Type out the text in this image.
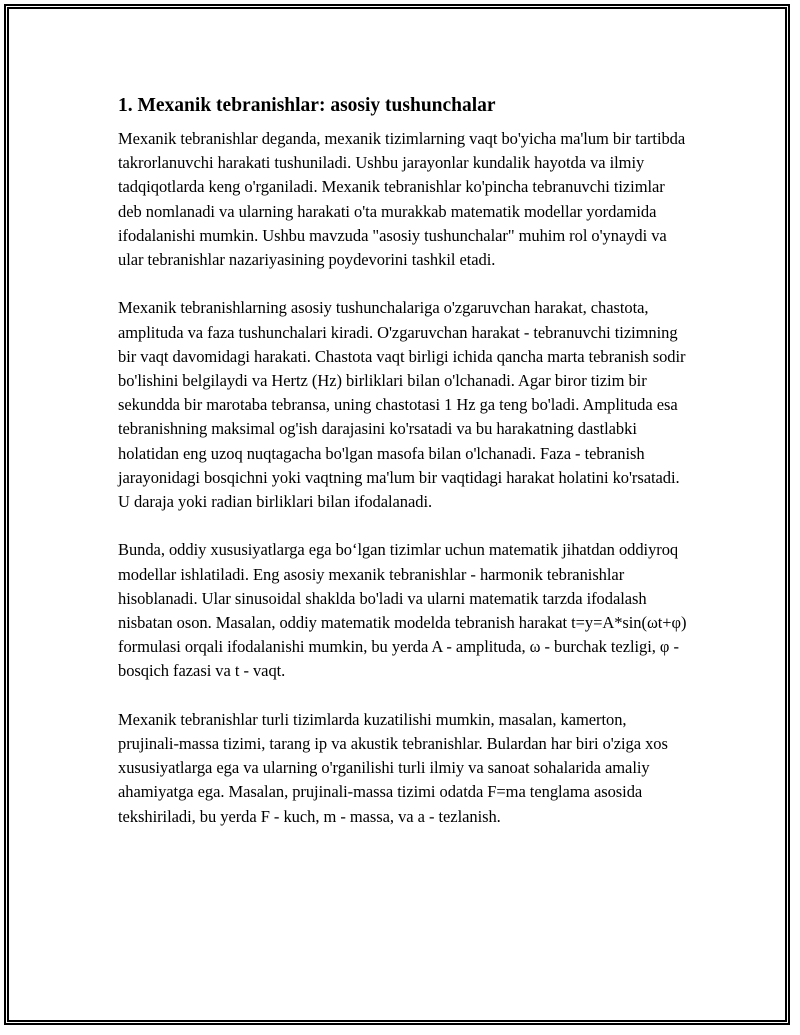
1. Mexanik tebranishlar: asosiy tushunchalar

Mexanik tebranishlar deganda, mexanik tizimlarning vaqt bo'yicha ma'lum bir tartibda takrorlanuvchi harakati tushuniladi. Ushbu jarayonlar kundalik hayotda va ilmiy tadqiqotlarda keng o'rganiladi. Mexanik tebranishlar ko'pincha tebranuvchi tizimlar deb nomlanadi va ularning harakati o'ta murakkab matematik modellar yordamida ifodalanishi mumkin. Ushbu mavzuda "asosiy tushunchalar" muhim rol o'ynaydi va ular tebranishlar nazariyasining poydevorini tashkil etadi.

Mexanik tebranishlarning asosiy tushunchalariga o'zgaruvchan harakat, chastota, amplituda va faza tushunchalari kiradi. O'zgaruvchan harakat - tebranuvchi tizimning bir vaqt davomidagi harakati. Chastota vaqt birligi ichida qancha marta tebranish sodir bo'lishini belgilaydi va Hertz (Hz) birliklari bilan o'lchanadi. Agar biror tizim bir sekundda bir marotaba tebransa, uning chastotasi 1 Hz ga teng bo'ladi. Amplituda esa tebranishning maksimal og'ish darajasini ko'rsatadi va bu harakatning dastlabki holatidan eng uzoq nuqtagacha bo'lgan masofa bilan o'lchanadi. Faza - tebranish jarayonidagi bosqichni yoki vaqtning ma'lum bir vaqtidagi harakat holatini ko'rsatadi. U daraja yoki radian birliklari bilan ifodalanadi.

Bunda, oddiy xususiyatlarga ega bo‘lgan tizimlar uchun matematik jihatdan oddiyroq modellar ishlatiladi. Eng asosiy mexanik tebranishlar - harmonik tebranishlar hisoblanadi. Ular sinusoidal shaklda bo'ladi va ularni matematik tarzda ifodalash nisbatan oson. Masalan, oddiy matematik modelda tebranish harakat t=y=A*sin(ωt+φ) formulasi orqali ifodalanishi mumkin, bu yerda A - amplituda, ω - burchak tezligi, φ - bosqich fazasi va t - vaqt.

Mexanik tebranishlar turli tizimlarda kuzatilishi mumkin, masalan, kamerton, prujinali-massa tizimi, tarang ip va akustik tebranishlar. Bulardan har biri o'ziga xos xususiyatlarga ega va ularning o'rganilishi turli ilmiy va sanoat sohalarida amaliy ahamiyatga ega. Masalan, prujinali-massa tizimi odatda F=ma tenglama asosida tekshiriladi, bu yerda F - kuch, m - massa, va a - tezlanish.
